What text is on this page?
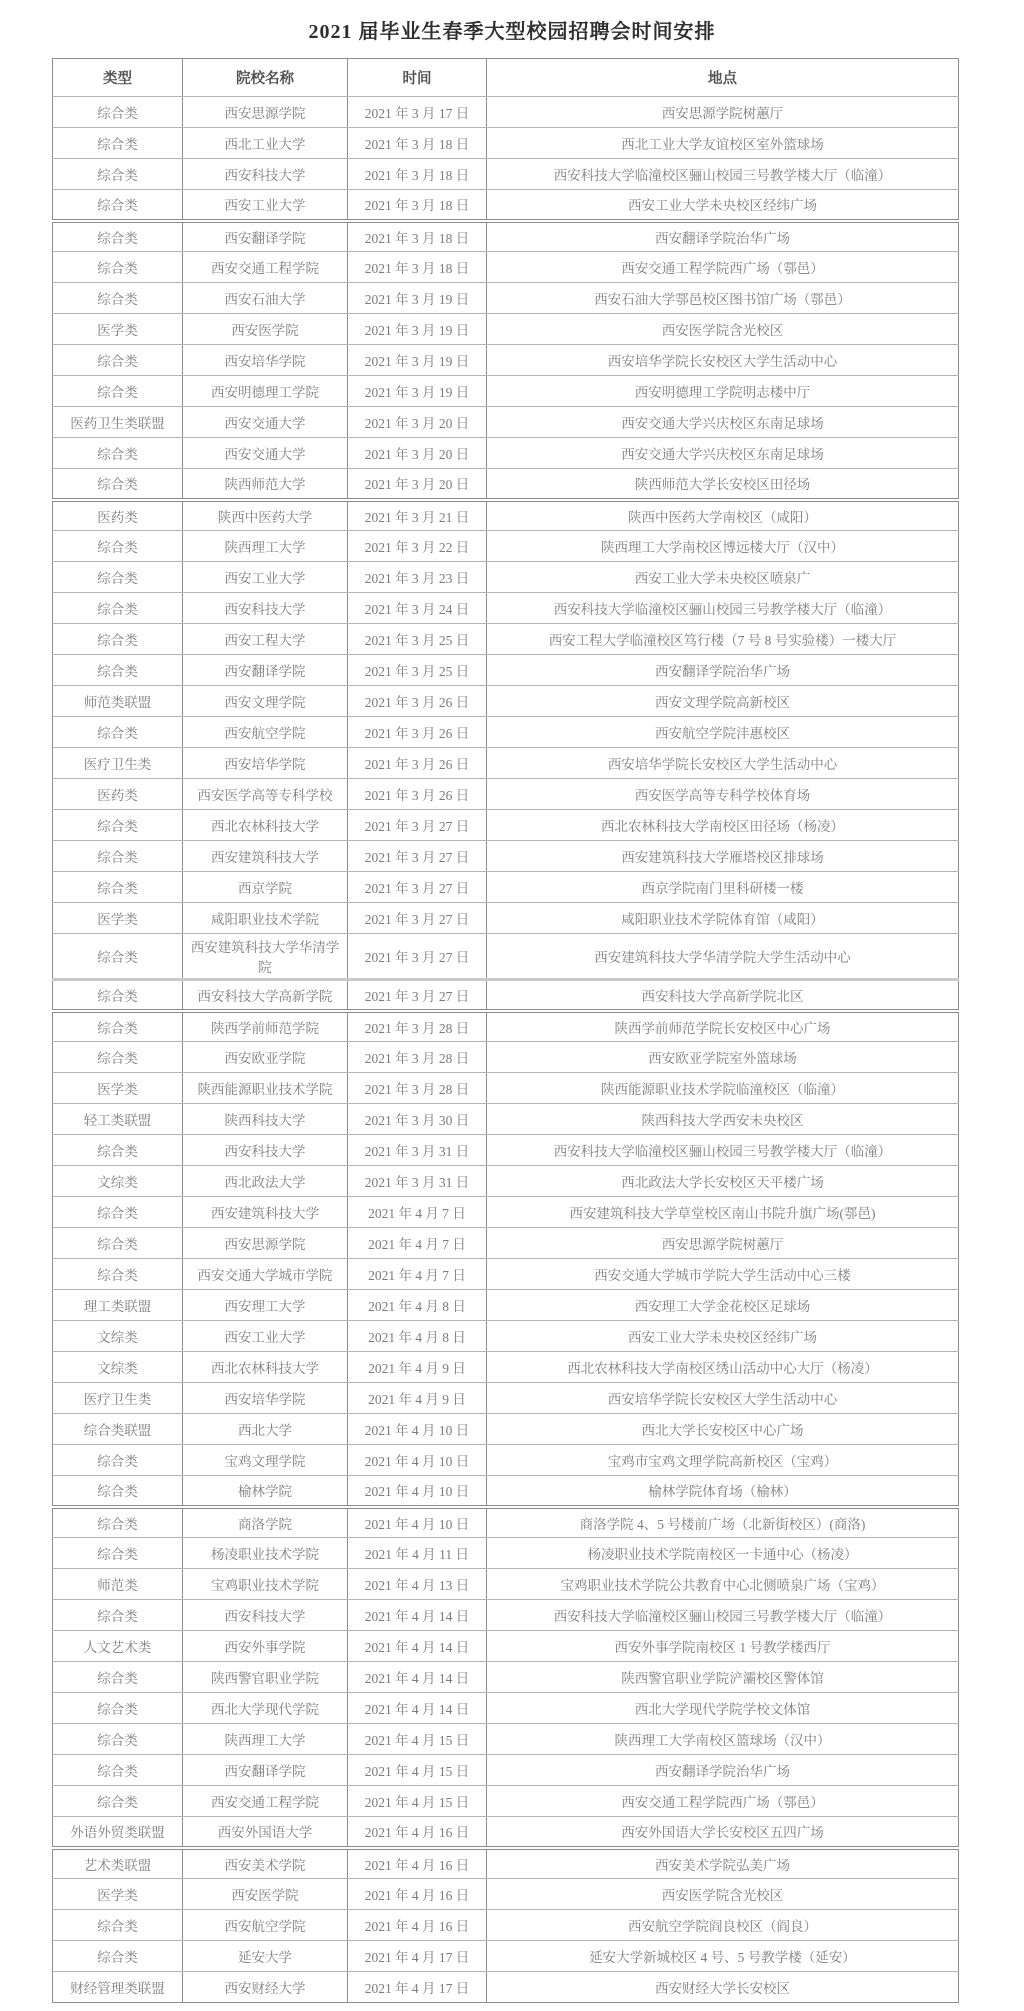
2021 届毕业生春季大型校园招聘会时间安排
类型	院校名称	时间	地点
综合类	西安思源学院	2021 年 3 月 17 日	西安思源学院树蕙厅
综合类	西北工业大学	2021 年 3 月 18 日	西北工业大学友谊校区室外篮球场
综合类	西安科技大学	2021 年 3 月 18 日	西安科技大学临潼校区骊山校园三号教学楼大厅（临潼）
综合类	西安工业大学	2021 年 3 月 18 日	西安工业大学未央校区经纬广场
综合类	西安翻译学院	2021 年 3 月 18 日	西安翻译学院治华广场
综合类	西安交通工程学院	2021 年 3 月 18 日	西安交通工程学院西广场（鄠邑）
综合类	西安石油大学	2021 年 3 月 19 日	西安石油大学鄠邑校区图书馆广场（鄠邑）
医学类	西安医学院	2021 年 3 月 19 日	西安医学院含光校区
综合类	西安培华学院	2021 年 3 月 19 日	西安培华学院长安校区大学生活动中心
综合类	西安明德理工学院	2021 年 3 月 19 日	西安明德理工学院明志楼中厅
医药卫生类联盟	西安交通大学	2021 年 3 月 20 日	西安交通大学兴庆校区东南足球场
综合类	西安交通大学	2021 年 3 月 20 日	西安交通大学兴庆校区东南足球场
综合类	陕西师范大学	2021 年 3 月 20 日	陕西师范大学长安校区田径场
医药类	陕西中医药大学	2021 年 3 月 21 日	陕西中医药大学南校区（咸阳）
综合类	陕西理工大学	2021 年 3 月 22 日	陕西理工大学南校区博远楼大厅（汉中）
综合类	西安工业大学	2021 年 3 月 23 日	西安工业大学未央校区喷泉广
综合类	西安科技大学	2021 年 3 月 24 日	西安科技大学临潼校区骊山校园三号教学楼大厅（临潼）
综合类	西安工程大学	2021 年 3 月 25 日	西安工程大学临潼校区笃行楼（7 号 8 号实验楼）一楼大厅
综合类	西安翻译学院	2021 年 3 月 25 日	西安翻译学院治华广场
师范类联盟	西安文理学院	2021 年 3 月 26 日	西安文理学院高新校区
综合类	西安航空学院	2021 年 3 月 26 日	西安航空学院沣惠校区
医疗卫生类	西安培华学院	2021 年 3 月 26 日	西安培华学院长安校区大学生活动中心
医药类	西安医学高等专科学校	2021 年 3 月 26 日	西安医学高等专科学校体育场
综合类	西北农林科技大学	2021 年 3 月 27 日	西北农林科技大学南校区田径场（杨凌）
综合类	西安建筑科技大学	2021 年 3 月 27 日	西安建筑科技大学雁塔校区排球场
综合类	西京学院	2021 年 3 月 27 日	西京学院南门里科研楼一楼
医学类	咸阳职业技术学院	2021 年 3 月 27 日	咸阳职业技术学院体育馆（咸阳）
综合类	西安建筑科技大学华清学院	2021 年 3 月 27 日	西安建筑科技大学华清学院大学生活动中心
综合类	西安科技大学高新学院	2021 年 3 月 27 日	西安科技大学高新学院北区
综合类	陕西学前师范学院	2021 年 3 月 28 日	陕西学前师范学院长安校区中心广场
综合类	西安欧亚学院	2021 年 3 月 28 日	西安欧亚学院室外篮球场
医学类	陕西能源职业技术学院	2021 年 3 月 28 日	陕西能源职业技术学院临潼校区（临潼）
轻工类联盟	陕西科技大学	2021 年 3 月 30 日	陕西科技大学西安未央校区
综合类	西安科技大学	2021 年 3 月 31 日	西安科技大学临潼校区骊山校园三号教学楼大厅（临潼）
文综类	西北政法大学	2021 年 3 月 31 日	西北政法大学长安校区天平楼广场
综合类	西安建筑科技大学	2021 年 4 月 7 日	西安建筑科技大学草堂校区南山书院升旗广场(鄠邑)
综合类	西安思源学院	2021 年 4 月 7 日	西安思源学院树蕙厅
综合类	西安交通大学城市学院	2021 年 4 月 7 日	西安交通大学城市学院大学生活动中心三楼
理工类联盟	西安理工大学	2021 年 4 月 8 日	西安理工大学金花校区足球场
文综类	西安工业大学	2021 年 4 月 8 日	西安工业大学未央校区经纬广场
文综类	西北农林科技大学	2021 年 4 月 9 日	西北农林科技大学南校区绣山活动中心大厅（杨凌）
医疗卫生类	西安培华学院	2021 年 4 月 9 日	西安培华学院长安校区大学生活动中心
综合类联盟	西北大学	2021 年 4 月 10 日	西北大学长安校区中心广场
综合类	宝鸡文理学院	2021 年 4 月 10 日	宝鸡市宝鸡文理学院高新校区（宝鸡）
综合类	榆林学院	2021 年 4 月 10 日	榆林学院体育场（榆林）
综合类	商洛学院	2021 年 4 月 10 日	商洛学院 4、5 号楼前广场（北新街校区）(商洛)
综合类	杨凌职业技术学院	2021 年 4 月 11 日	杨凌职业技术学院南校区一卡通中心（杨凌）
师范类	宝鸡职业技术学院	2021 年 4 月 13 日	宝鸡职业技术学院公共教育中心北侧喷泉广场（宝鸡）
综合类	西安科技大学	2021 年 4 月 14 日	西安科技大学临潼校区骊山校园三号教学楼大厅（临潼）
人文艺术类	西安外事学院	2021 年 4 月 14 日	西安外事学院南校区 1 号教学楼西厅
综合类	陕西警官职业学院	2021 年 4 月 14 日	陕西警官职业学院浐灞校区警体馆
综合类	西北大学现代学院	2021 年 4 月 14 日	西北大学现代学院学校文体馆
综合类	陕西理工大学	2021 年 4 月 15 日	陕西理工大学南校区篮球场（汉中）
综合类	西安翻译学院	2021 年 4 月 15 日	西安翻译学院治华广场
综合类	西安交通工程学院	2021 年 4 月 15 日	西安交通工程学院西广场（鄠邑）
外语外贸类联盟	西安外国语大学	2021 年 4 月 16 日	西安外国语大学长安校区五四广场
艺术类联盟	西安美术学院	2021 年 4 月 16 日	西安美术学院弘美广场
医学类	西安医学院	2021 年 4 月 16 日	西安医学院含光校区
综合类	西安航空学院	2021 年 4 月 16 日	西安航空学院阎良校区（阎良）
综合类	延安大学	2021 年 4 月 17 日	延安大学新城校区 4 号、5 号教学楼（延安）
财经管理类联盟	西安财经大学	2021 年 4 月 17 日	西安财经大学长安校区
